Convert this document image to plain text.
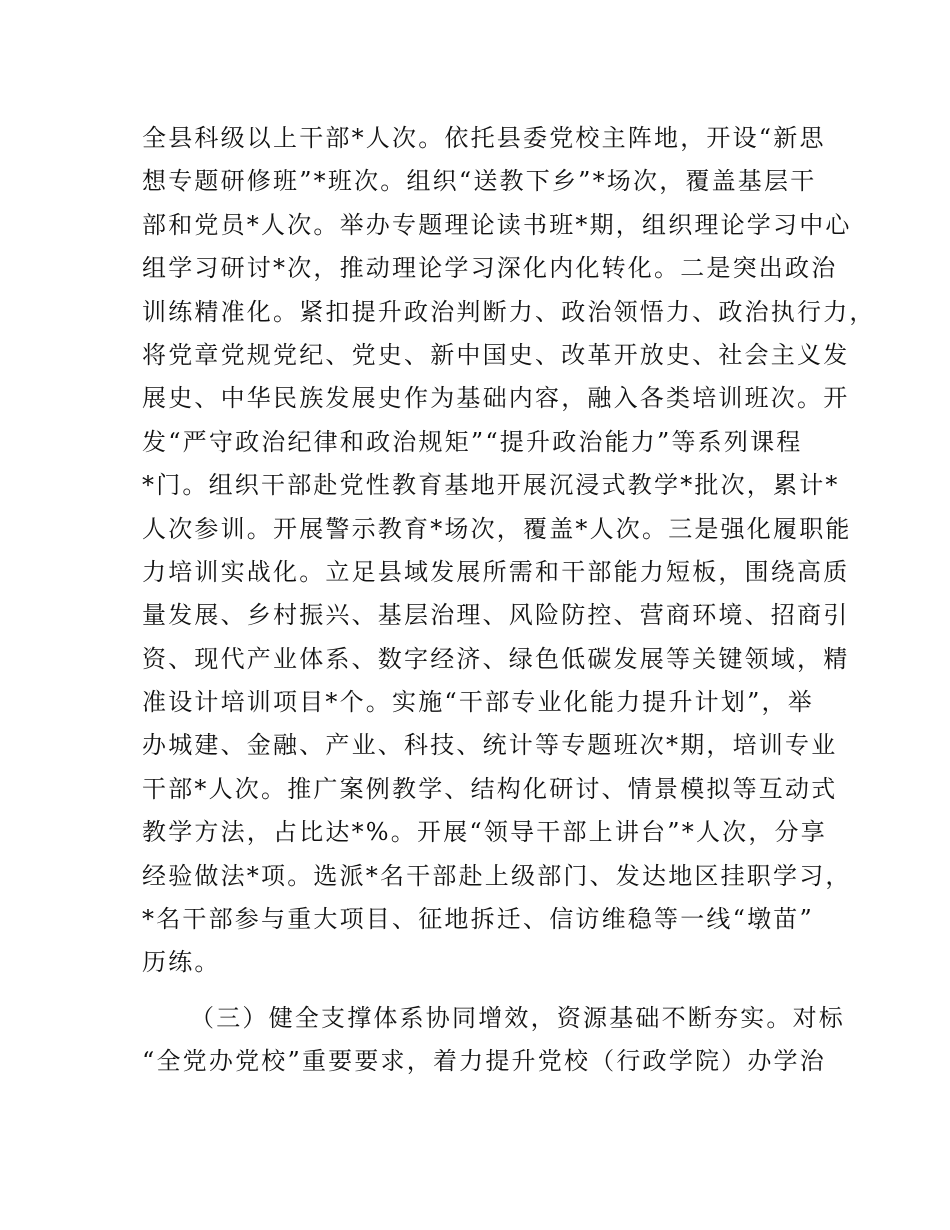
全县科级以上干部*人次。依托县委党校主阵地，开设“新思
想专题研修班”*班次。组织“送教下乡”*场次，覆盖基层干
部和党员*人次。举办专题理论读书班*期，组织理论学习中心
组学习研讨*次，推动理论学习深化内化转化。二是突出政治
训练精准化。紧扣提升政治判断力、政治领悟力、政治执行力，
将党章党规党纪、党史、新中国史、改革开放史、社会主义发
展史、中华民族发展史作为基础内容，融入各类培训班次。开
发“严守政治纪律和政治规矩”“提升政治能力”等系列课程
*门。组织干部赴党性教育基地开展沉浸式教学*批次，累计*
人次参训。开展警示教育*场次，覆盖*人次。三是强化履职能
力培训实战化。立足县域发展所需和干部能力短板，围绕高质
量发展、乡村振兴、基层治理、风险防控、营商环境、招商引
资、现代产业体系、数字经济、绿色低碳发展等关键领域，精
准设计培训项目*个。实施“干部专业化能力提升计划”，举
办城建、金融、产业、科技、统计等专题班次*期，培训专业
干部*人次。推广案例教学、结构化研讨、情景模拟等互动式
教学方法，占比达*%。开展“领导干部上讲台”*人次，分享
经验做法*项。选派*名干部赴上级部门、发达地区挂职学习，
*名干部参与重大项目、征地拆迁、信访维稳等一线“墩苗”
历练。
（三）健全支撑体系协同增效，资源基础不断夯实。对标
“全党办党校”重要要求，着力提升党校（行政学院）办学治
